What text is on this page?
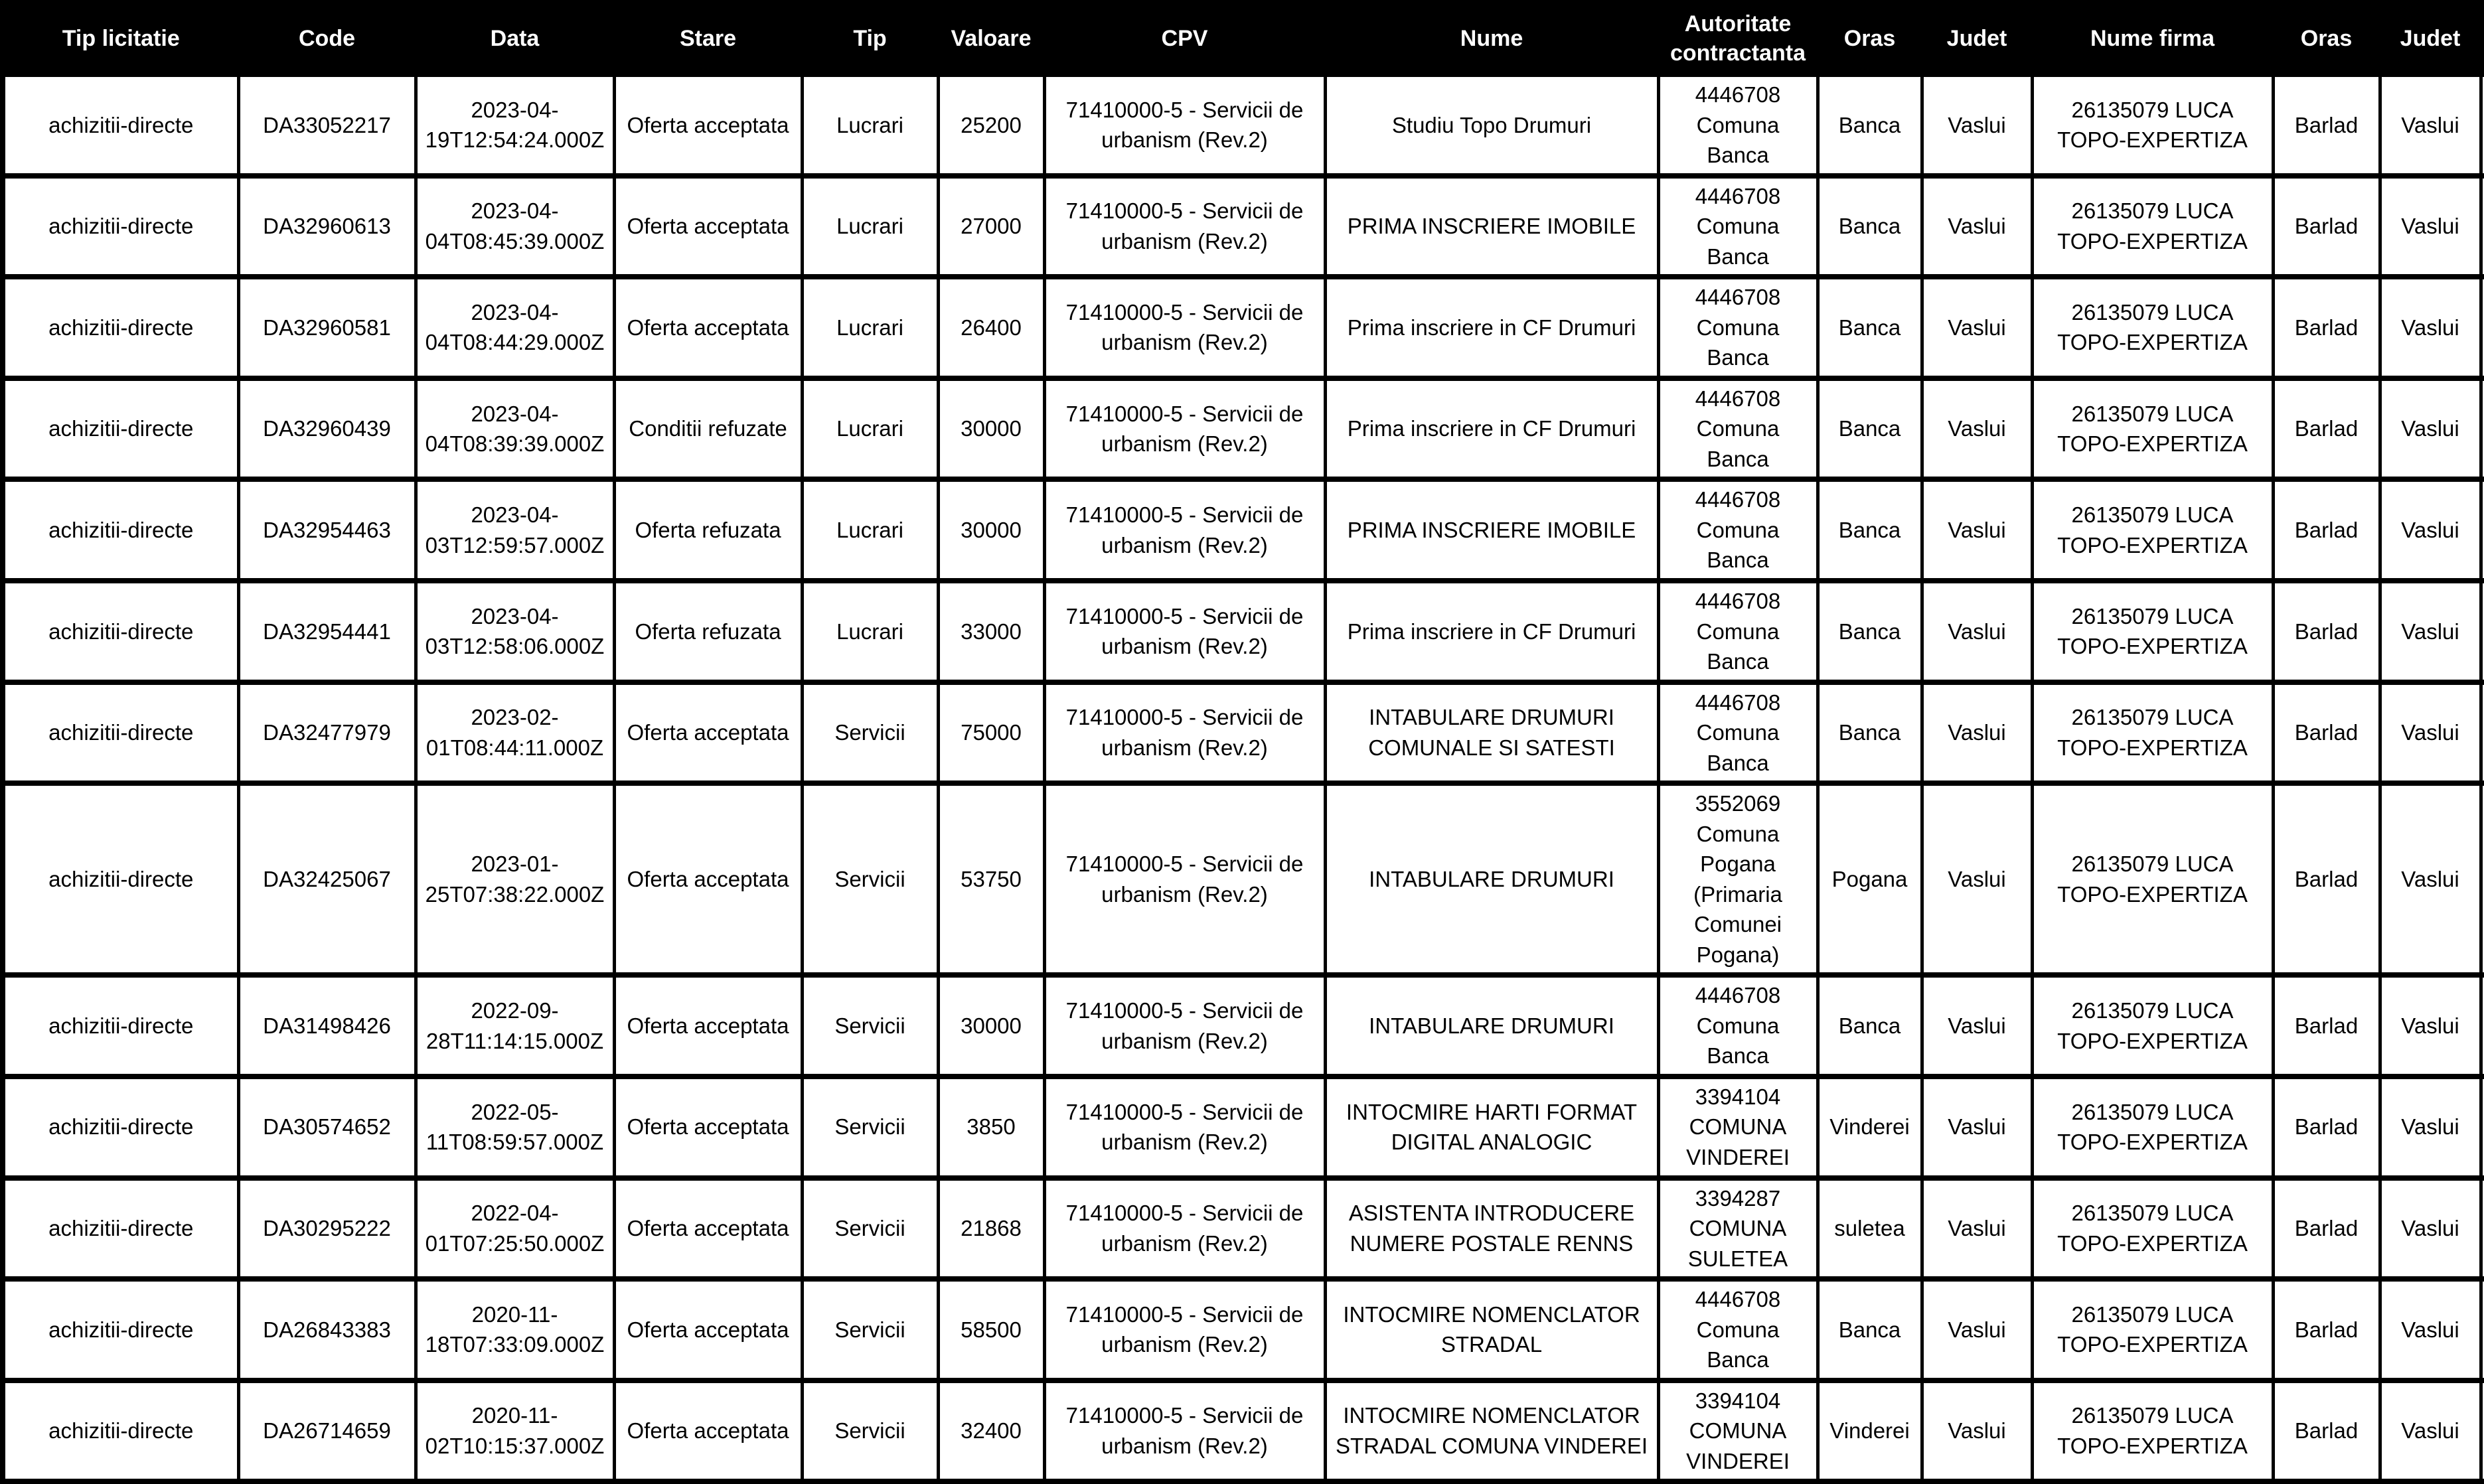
Tip licitatie	Code	Data	Stare	Tip	Valoare	CPV	Nume	Autoritate contractanta	Oras	Judet	Nume firma	Oras	Judet	
achizitii-directe	DA33052217	2023-04-19T12:54:24.000Z	Oferta acceptata	Lucrari	25200	71410000-5 - Servicii de urbanism (Rev.2)	Studiu Topo Drumuri	4446708 Comuna Banca	Banca	Vaslui	26135079 LUCA TOPO-EXPERTIZA	Barlad	Vaslui	
achizitii-directe	DA32960613	2023-04-04T08:45:39.000Z	Oferta acceptata	Lucrari	27000	71410000-5 - Servicii de urbanism (Rev.2)	PRIMA INSCRIERE IMOBILE	4446708 Comuna Banca	Banca	Vaslui	26135079 LUCA TOPO-EXPERTIZA	Barlad	Vaslui	
achizitii-directe	DA32960581	2023-04-04T08:44:29.000Z	Oferta acceptata	Lucrari	26400	71410000-5 - Servicii de urbanism (Rev.2)	Prima inscriere in CF Drumuri	4446708 Comuna Banca	Banca	Vaslui	26135079 LUCA TOPO-EXPERTIZA	Barlad	Vaslui	
achizitii-directe	DA32960439	2023-04-04T08:39:39.000Z	Conditii refuzate	Lucrari	30000	71410000-5 - Servicii de urbanism (Rev.2)	Prima inscriere in CF Drumuri	4446708 Comuna Banca	Banca	Vaslui	26135079 LUCA TOPO-EXPERTIZA	Barlad	Vaslui	
achizitii-directe	DA32954463	2023-04-03T12:59:57.000Z	Oferta refuzata	Lucrari	30000	71410000-5 - Servicii de urbanism (Rev.2)	PRIMA INSCRIERE IMOBILE	4446708 Comuna Banca	Banca	Vaslui	26135079 LUCA TOPO-EXPERTIZA	Barlad	Vaslui	
achizitii-directe	DA32954441	2023-04-03T12:58:06.000Z	Oferta refuzata	Lucrari	33000	71410000-5 - Servicii de urbanism (Rev.2)	Prima inscriere in CF Drumuri	4446708 Comuna Banca	Banca	Vaslui	26135079 LUCA TOPO-EXPERTIZA	Barlad	Vaslui	
achizitii-directe	DA32477979	2023-02-01T08:44:11.000Z	Oferta acceptata	Servicii	75000	71410000-5 - Servicii de urbanism (Rev.2)	INTABULARE DRUMURI COMUNALE SI SATESTI	4446708 Comuna Banca	Banca	Vaslui	26135079 LUCA TOPO-EXPERTIZA	Barlad	Vaslui	
achizitii-directe	DA32425067	2023-01-25T07:38:22.000Z	Oferta acceptata	Servicii	53750	71410000-5 - Servicii de urbanism (Rev.2)	INTABULARE DRUMURI	3552069 Comuna Pogana (Primaria Comunei Pogana)	Pogana	Vaslui	26135079 LUCA TOPO-EXPERTIZA	Barlad	Vaslui	
achizitii-directe	DA31498426	2022-09-28T11:14:15.000Z	Oferta acceptata	Servicii	30000	71410000-5 - Servicii de urbanism (Rev.2)	INTABULARE DRUMURI	4446708 Comuna Banca	Banca	Vaslui	26135079 LUCA TOPO-EXPERTIZA	Barlad	Vaslui	
achizitii-directe	DA30574652	2022-05-11T08:59:57.000Z	Oferta acceptata	Servicii	3850	71410000-5 - Servicii de urbanism (Rev.2)	INTOCMIRE HARTI FORMAT DIGITAL ANALOGIC	3394104 COMUNA VINDEREI	Vinderei	Vaslui	26135079 LUCA TOPO-EXPERTIZA	Barlad	Vaslui	
achizitii-directe	DA30295222	2022-04-01T07:25:50.000Z	Oferta acceptata	Servicii	21868	71410000-5 - Servicii de urbanism (Rev.2)	ASISTENTA INTRODUCERE NUMERE POSTALE RENNS	3394287 COMUNA SULETEA	suletea	Vaslui	26135079 LUCA TOPO-EXPERTIZA	Barlad	Vaslui	
achizitii-directe	DA26843383	2020-11-18T07:33:09.000Z	Oferta acceptata	Servicii	58500	71410000-5 - Servicii de urbanism (Rev.2)	INTOCMIRE NOMENCLATOR STRADAL	4446708 Comuna Banca	Banca	Vaslui	26135079 LUCA TOPO-EXPERTIZA	Barlad	Vaslui	
achizitii-directe	DA26714659	2020-11-02T10:15:37.000Z	Oferta acceptata	Servicii	32400	71410000-5 - Servicii de urbanism (Rev.2)	INTOCMIRE NOMENCLATOR STRADAL COMUNA VINDEREI	3394104 COMUNA VINDEREI	Vinderei	Vaslui	26135079 LUCA TOPO-EXPERTIZA	Barlad	Vaslui	
